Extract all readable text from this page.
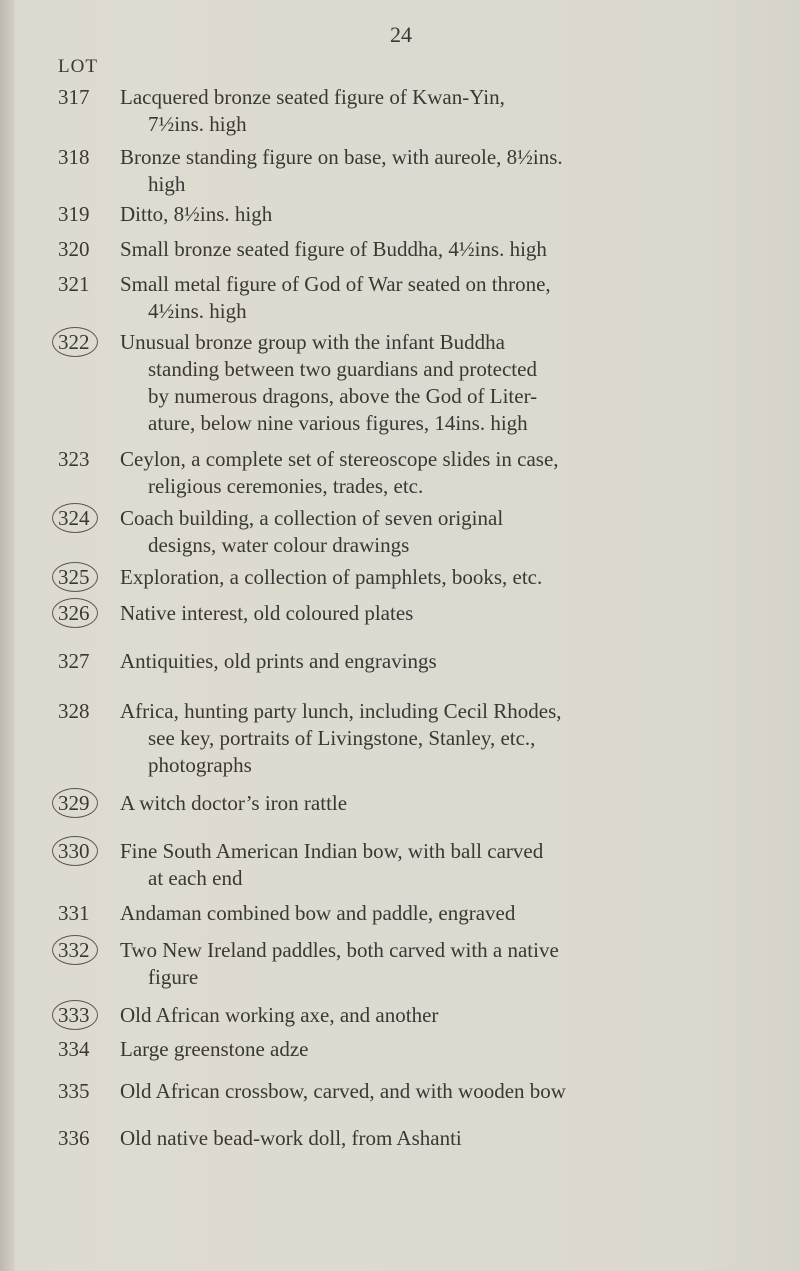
24
LOT
317	Lacquered bronze seated figure of Kwan-Yin,
7½ins. high
318	Bronze standing figure on base, with aureole, 8½ins.
high
319	Ditto, 8½ins. high
320	Small bronze seated figure of Buddha, 4½ins. high
321	Small metal figure of God of War seated on throne,
4½ins. high
322	Unusual bronze group with the infant Buddha
standing between two guardians and protected
by numerous dragons, above the God of Liter-
ature, below nine various figures, 14ins. high
323	Ceylon, a complete set of stereoscope slides in case,
religious ceremonies, trades, etc.
324	Coach building, a collection of seven original
designs, water colour drawings
325	Exploration, a collection of pamphlets, books, etc.
326	Native interest, old coloured plates
327	Antiquities, old prints and engravings
328	Africa, hunting party lunch, including Cecil Rhodes,
see key, portraits of Livingstone, Stanley, etc.,
photographs
329	A witch doctor’s iron rattle
330	Fine South American Indian bow, with ball carved
at each end
331	Andaman combined bow and paddle, engraved
332	Two New Ireland paddles, both carved with a native
figure
333	Old African working axe, and another
334	Large greenstone adze
335	Old African crossbow, carved, and with wooden bow
336	Old native bead-work doll, from Ashanti
